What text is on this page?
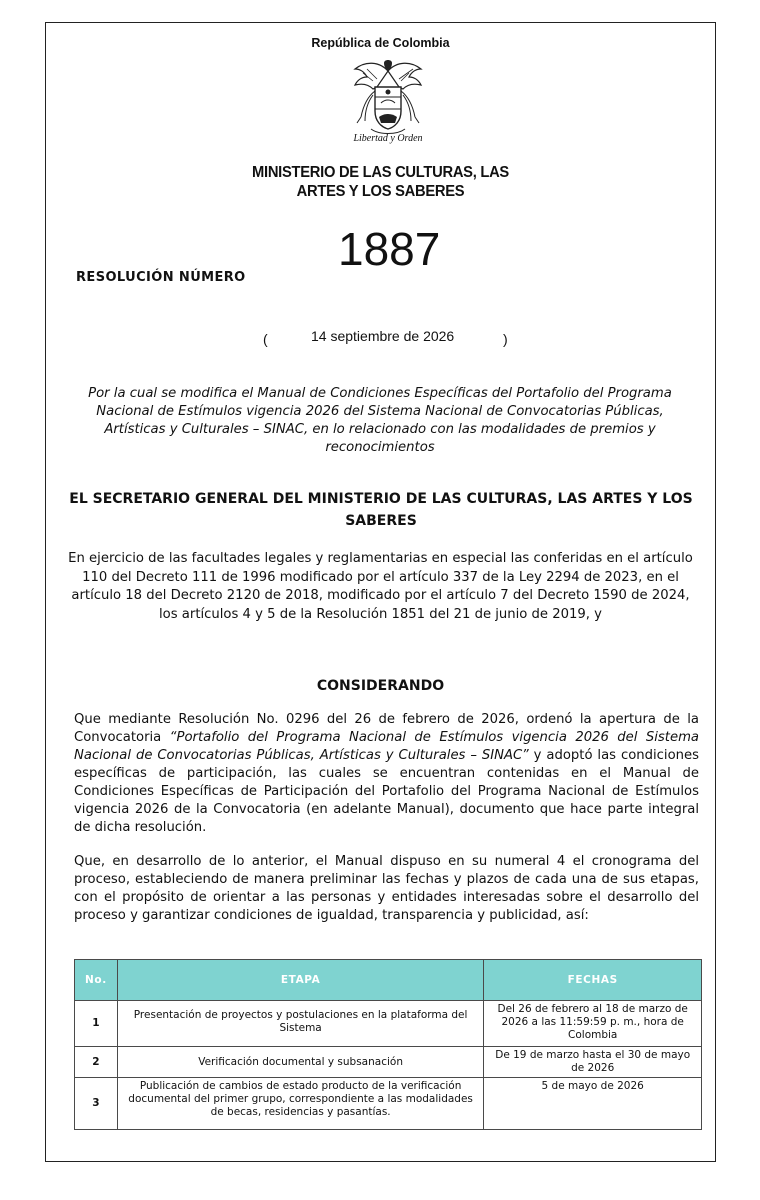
República de Colombia
Libertad y Orden
MINISTERIO DE LAS CULTURAS, LAS
ARTES Y LOS SABERES
RESOLUCIÓN NÚMERO
1887
(	14 septiembre de 2026	)
Por la cual se modifica el Manual de Condiciones Específicas del Portafolio del Programa Nacional de Estímulos vigencia 2026 del Sistema Nacional de Convocatorias Públicas, Artísticas y Culturales – SINAC, en lo relacionado con las modalidades de premios y reconocimientos
EL SECRETARIO GENERAL DEL MINISTERIO DE LAS CULTURAS, LAS ARTES Y LOS SABERES
En ejercicio de las facultades legales y reglamentarias en especial las conferidas en el artículo 110 del Decreto 111 de 1996 modificado por el artículo 337 de la Ley 2294 de 2023, en el artículo 18 del Decreto 2120 de 2018, modificado por el artículo 7 del Decreto 1590 de 2024, los artículos 4 y 5 de la Resolución 1851 del 21 de junio de 2019, y
CONSIDERANDO
Que mediante Resolución No. 0296 del 26 de febrero de 2026, ordenó la apertura de la Convocatoria “Portafolio del Programa Nacional de Estímulos vigencia 2026 del Sistema Nacional de Convocatorias Públicas, Artísticas y Culturales – SINAC” y adoptó las condiciones específicas de participación, las cuales se encuentran contenidas en el Manual de Condiciones Específicas de Participación del Portafolio del Programa Nacional de Estímulos vigencia 2026 de la Convocatoria (en adelante Manual), documento que hace parte integral de dicha resolución.
Que, en desarrollo de lo anterior, el Manual dispuso en su numeral 4 el cronograma del proceso, estableciendo de manera preliminar las fechas y plazos de cada una de sus etapas, con el propósito de orientar a las personas y entidades interesadas sobre el desarrollo del proceso y garantizar condiciones de igualdad, transparencia y publicidad, así:
No.	ETAPA	FECHAS
1	Presentación de proyectos y postulaciones en la plataforma del Sistema	Del 26 de febrero al 18 de marzo de 2026 a las 11:59:59 p. m., hora de Colombia
2	Verificación documental y subsanación	De 19 de marzo hasta el 30 de mayo de 2026
3	Publicación de cambios de estado producto de la verificación documental del primer grupo, correspondiente a las modalidades de becas, residencias y pasantías.	5 de mayo de 2026
